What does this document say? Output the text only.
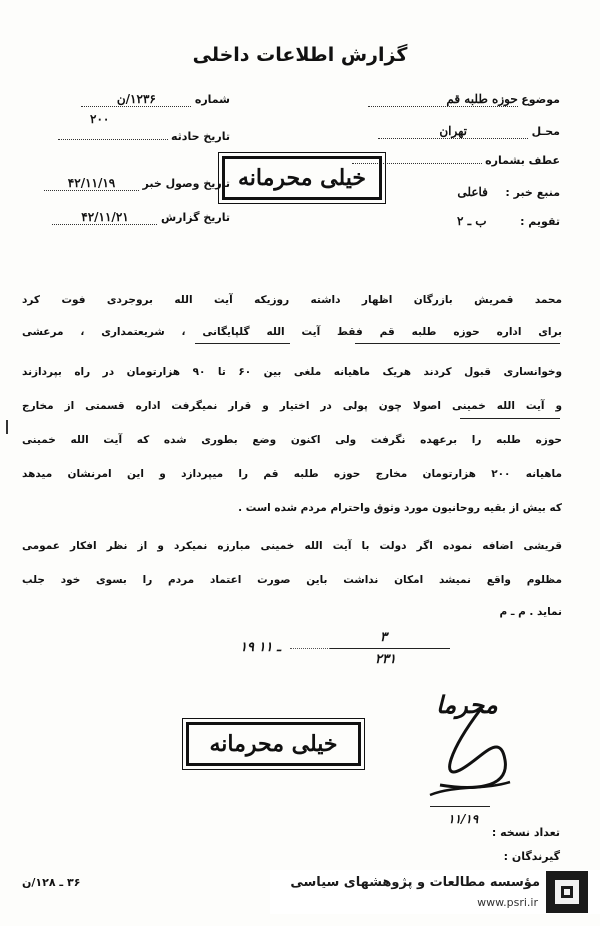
گزارش اطلاعات داخلی
موضوع حوزه طلبه قم
محـل تهران
عطف بشماره
منبع خبر : فاعلی
تقویم : ب ـ ۲
شماره ۱۲۳۶/ن
۲۰۰
تاریخ حادثه
تاریخ وصول خبر ۴۲/۱۱/۱۹
تاریخ گزارش ۴۲/۱۱/۲۱
خیلی محرمانه
محمد قمریش بازرگان اظهار داشته روزیکه آیت الله بروجردی فوت کرد
برای اداره حوزه طلبه قم فقط آیت الله گلپایگانی ، شریعتمداری ، مرعشی
وخوانساری قبول کردند هریک ماهیانه ملغی بین ۶۰ تا ۹۰ هزارتومان در راه بپردازند
و آیت الله خمینی اصولا چون پولی در اختیار و قرار نمیگرفت اداره قسمتی از مخارج
حوزه طلبه را برعهده نگرفت ولی اکنون وضع بطوری شده که آیت الله خمینی
ماهیانه ۲۰۰ هزارتومان مخارج حوزه طلبه قم را میپردازد و این امرنشان میدهد
که بیش از بقیه روحانیون مورد وثوق واحترام مردم شده است .
قریشی اضافه نموده اگر دولت با آیت الله خمینی مبارزه نمیکرد و از نظر افکار عمومی
مظلوم واقع نمیشد امکان نداشت باین صورت اعتماد مردم را بسوی خود جلب
نماید . م ـ م
۳
۲۳۱
۱۹ ـ ۱۱
محرما
۱۱/۱۹
خیلی محرمانه
تعداد نسخه :
گیرندگان :
۳۶ ـ ۱۲۸/ن	مؤسسه مطالعات و پژوهشهای سیاسی
www.psri.ir
